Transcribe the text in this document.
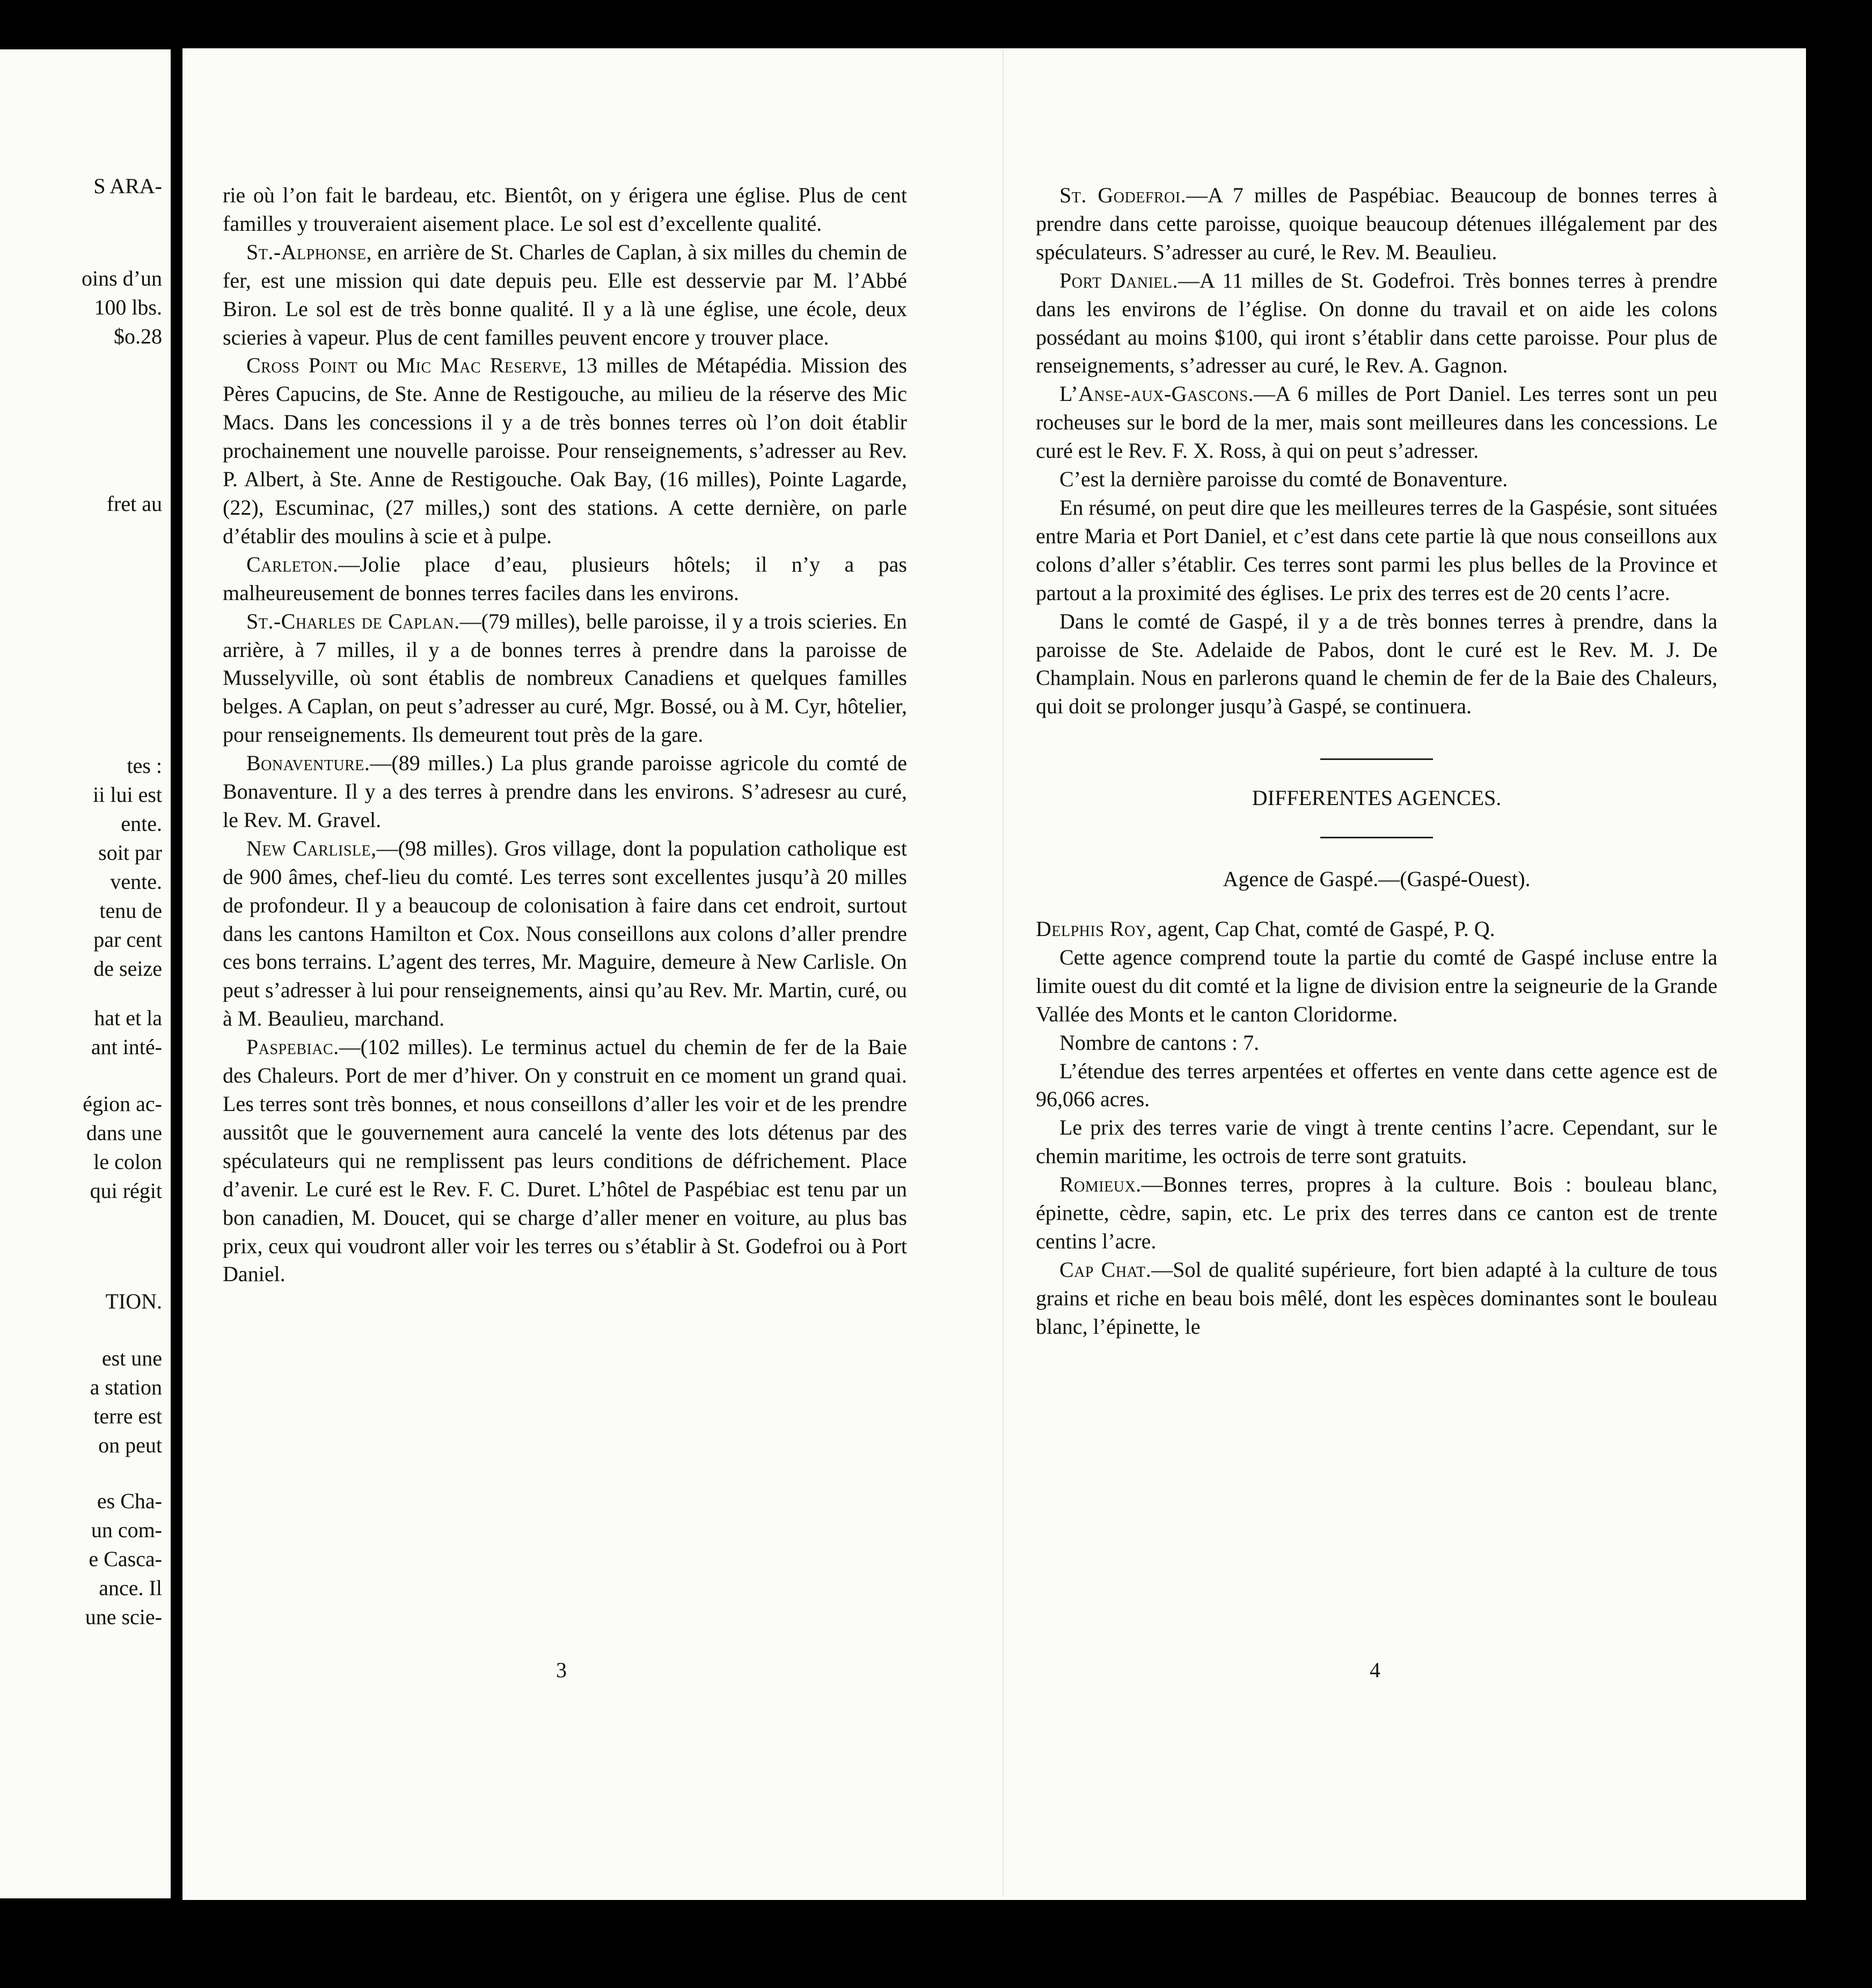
S ARA-
oins d’un
100 lbs.
$o.28
fret au
tes :
ii lui est
ente.
soit par
vente.
tenu de
par cent
de seize
hat et la
ant inté-
égion ac-
dans une
le colon
qui régit
TION.
est une
a station
terre est
on peut
es Cha-
un com-
e Casca-
ance. Il
une scie-

rie où l’on fait le bardeau, etc. Bientôt, on y érigera une église. Plus de cent familles y trouveraient aisement place. Le sol est d’excellente qualité.

St.-Alphonse, en arrière de St. Charles de Caplan, à six milles du chemin de fer, est une mission qui date depuis peu. Elle est desservie par M. l’Abbé Biron. Le sol est de très bonne qualité. Il y a là une église, une école, deux scieries à vapeur. Plus de cent familles peuvent encore y trouver place.

Cross Point ou Mic Mac Reserve, 13 milles de Métapédia. Mission des Pères Capucins, de Ste. Anne de Restigouche, au milieu de la réserve des Mic Macs. Dans les concessions il y a de très bonnes terres où l’on doit établir prochainement une nouvelle paroisse. Pour renseignements, s’adresser au Rev. P. Albert, à Ste. Anne de Restigouche. Oak Bay, (16 milles), Pointe Lagarde, (22), Escuminac, (27 milles,) sont des stations. A cette dernière, on parle d’établir des moulins à scie et à pulpe.

Carleton.—Jolie place d’eau, plusieurs hôtels; il n’y a pas malheureusement de bonnes terres faciles dans les environs.

St.-Charles de Caplan.—(79 milles), belle paroisse, il y a trois scieries. En arrière, à 7 milles, il y a de bonnes terres à prendre dans la paroisse de Musselyville, où sont établis de nombreux Canadiens et quelques familles belges. A Caplan, on peut s’adresser au curé, Mgr. Bossé, ou à M. Cyr, hôtelier, pour renseignements. Ils demeurent tout près de la gare.

Bonaventure.—(89 milles.) La plus grande paroisse agricole du comté de Bonaventure. Il y a des terres à prendre dans les environs. S’adresesr au curé, le Rev. M. Gravel.

New Carlisle,—(98 milles). Gros village, dont la population catholique est de 900 âmes, chef-lieu du comté. Les terres sont excellentes jusqu’à 20 milles de profondeur. Il y a beaucoup de colonisation à faire dans cet endroit, surtout dans les cantons Hamilton et Cox. Nous conseillons aux colons d’aller prendre ces bons terrains. L’agent des terres, Mr. Maguire, demeure à New Carlisle. On peut s’adresser à lui pour renseignements, ainsi qu’au Rev. Mr. Martin, curé, ou à M. Beaulieu, marchand.

Paspebiac.—(102 milles). Le terminus actuel du chemin de fer de la Baie des Chaleurs. Port de mer d’hiver. On y construit en ce moment un grand quai. Les terres sont très bonnes, et nous conseillons d’aller les voir et de les prendre aussitôt que le gouvernement aura cancelé la vente des lots détenus par des spéculateurs qui ne remplissent pas leurs conditions de défrichement. Place d’avenir. Le curé est le Rev. F. C. Duret. L’hôtel de Paspébiac est tenu par un bon canadien, M. Doucet, qui se charge d’aller mener en voiture, au plus bas prix, ceux qui voudront aller voir les terres ou s’établir à St. Godefroi ou à Port Daniel.

St. Godefroi.—A 7 milles de Paspébiac. Beaucoup de bonnes terres à prendre dans cette paroisse, quoique beaucoup détenues illégalement par des spéculateurs. S’adresser au curé, le Rev. M. Beaulieu.

Port Daniel.—A 11 milles de St. Godefroi. Très bonnes terres à prendre dans les environs de l’église. On donne du travail et on aide les colons possédant au moins $100, qui iront s’établir dans cette paroisse. Pour plus de renseignements, s’adresser au curé, le Rev. A. Gagnon.

L’Anse-aux-Gascons.—A 6 milles de Port Daniel. Les terres sont un peu rocheuses sur le bord de la mer, mais sont meilleures dans les concessions. Le curé est le Rev. F. X. Ross, à qui on peut s’adresser.

C’est la dernière paroisse du comté de Bonaventure.

En résumé, on peut dire que les meilleures terres de la Gaspésie, sont situées entre Maria et Port Daniel, et c’est dans cete partie là que nous conseillons aux colons d’aller s’établir. Ces terres sont parmi les plus belles de la Province et partout a la proximité des églises. Le prix des terres est de 20 cents l’acre.

Dans le comté de Gaspé, il y a de très bonnes terres à prendre, dans la paroisse de Ste. Adelaide de Pabos, dont le curé est le Rev. M. J. De Champlain. Nous en parlerons quand le chemin de fer de la Baie des Chaleurs, qui doit se prolonger jusqu’à Gaspé, se continuera.

DIFFERENTES AGENCES.

Agence de Gaspé.—(Gaspé-Ouest).

Delphis Roy, agent, Cap Chat, comté de Gaspé, P. Q.

Cette agence comprend toute la partie du comté de Gaspé incluse entre la limite ouest du dit comté et la ligne de division entre la seigneurie de la Grande Vallée des Monts et le canton Cloridorme.

Nombre de cantons : 7.

L’étendue des terres arpentées et offertes en vente dans cette agence est de 96,066 acres.

Le prix des terres varie de vingt à trente centins l’acre. Cependant, sur le chemin maritime, les octrois de terre sont gratuits.

Romieux.—Bonnes terres, propres à la culture. Bois : bouleau blanc, épinette, cèdre, sapin, etc. Le prix des terres dans ce canton est de trente centins l’acre.

Cap Chat.—Sol de qualité supérieure, fort bien adapté à la culture de tous grains et riche en beau bois mêlé, dont les espèces dominantes sont le bouleau blanc, l’épinette, le

3	4
